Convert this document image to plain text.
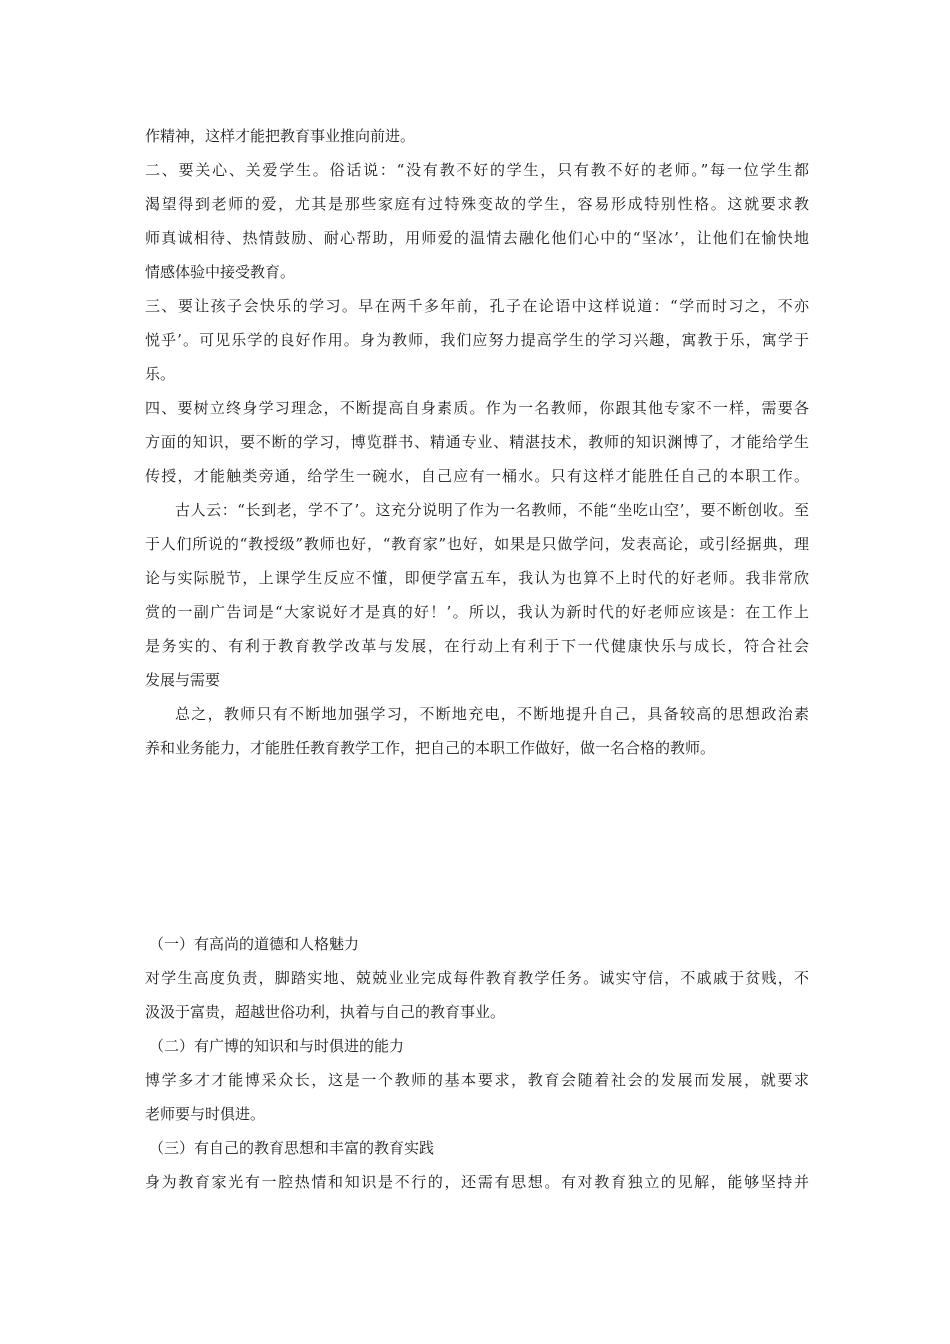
作精神，这样才能把教育事业推向前进。
二、要关心、关爱学生。俗话说：“没有教不好的学生，只有教不好的老师。”每一位学生都
渴望得到老师的爱，尤其是那些家庭有过特殊变故的学生，容易形成特别性格。这就要求教
师真诚相待、热情鼓励、耐心帮助，用师爱的温情去融化他们心中的“坚冰’，让他们在愉快地
情感体验中接受教育。
三、要让孩子会快乐的学习。早在两千多年前，孔子在论语中这样说道：“学而时习之，不亦
悦乎’。可见乐学的良好作用。身为教师，我们应努力提高学生的学习兴趣，寓教于乐，寓学于
乐。
四、要树立终身学习理念，不断提高自身素质。作为一名教师，你跟其他专家不一样，需要各
方面的知识，要不断的学习，博览群书、精通专业、精湛技术，教师的知识渊博了，才能给学生
传授，才能触类旁通，给学生一碗水，自己应有一桶水。只有这样才能胜任自己的本职工作。
古人云：“长到老，学不了’。这充分说明了作为一名教师，不能“坐吃山空’，要不断创收。至
于人们所说的“教授级”教师也好，“教育家”也好，如果是只做学问，发表高论，或引经据典，理
论与实际脱节，上课学生反应不懂，即便学富五车，我认为也算不上时代的好老师。我非常欣
赏的一副广告词是“大家说好才是真的好！’。所以，我认为新时代的好老师应该是：在工作上
是务实的、有利于教育教学改革与发展，在行动上有利于下一代健康快乐与成长，符合社会
发展与需要
总之，教师只有不断地加强学习，不断地充电，不断地提升自己，具备较高的思想政治素
养和业务能力，才能胜任教育教学工作，把自己的本职工作做好，做一名合格的教师。
（一）有高尚的道德和人格魅力
对学生高度负责，脚踏实地、兢兢业业完成每件教育教学任务。诚实守信，不戚戚于贫贱，不
汲汲于富贵，超越世俗功利，执着与自己的教育事业。
（二）有广博的知识和与时俱进的能力
博学多才才能博采众长，这是一个教师的基本要求，教育会随着社会的发展而发展，就要求
老师要与时俱进。
（三）有自己的教育思想和丰富的教育实践
身为教育家光有一腔热情和知识是不行的，还需有思想。有对教育独立的见解，能够坚持并
